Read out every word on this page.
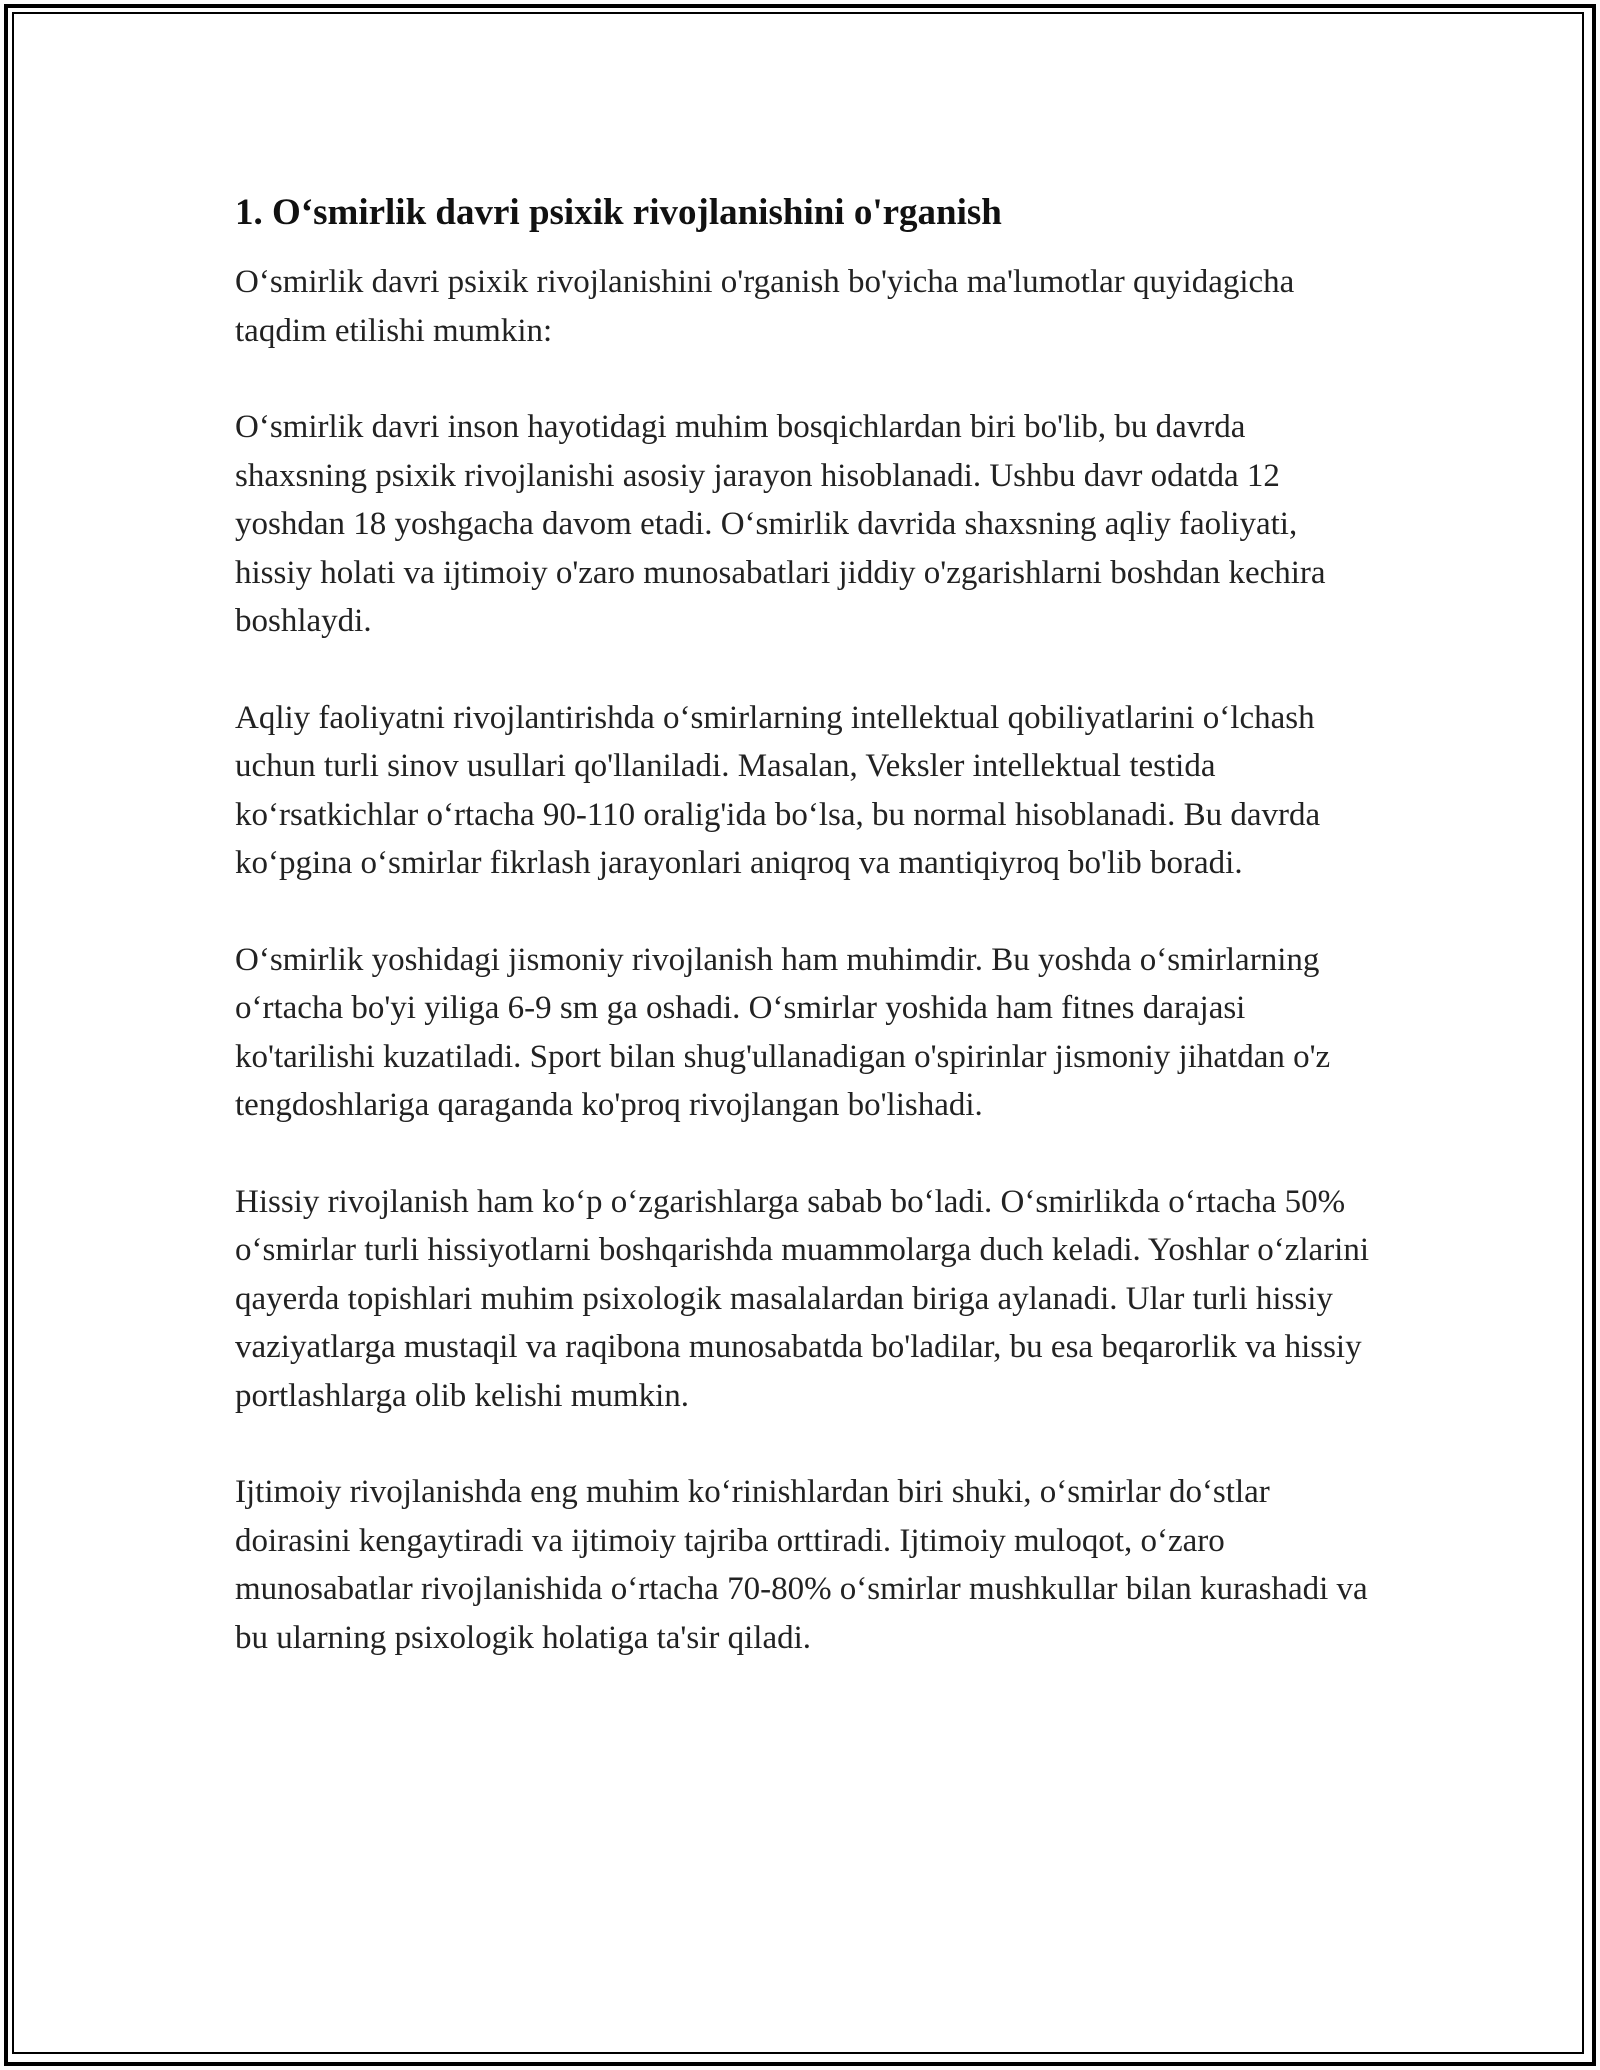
1. O‘smirlik davri psixik rivojlanishini o'rganish

O‘smirlik davri psixik rivojlanishini o'rganish bo'yicha ma'lumotlar quyidagicha taqdim etilishi mumkin:

O‘smirlik davri inson hayotidagi muhim bosqichlardan biri bo'lib, bu davrda shaxsning psixik rivojlanishi asosiy jarayon hisoblanadi. Ushbu davr odatda 12 yoshdan 18 yoshgacha davom etadi. O‘smirlik davrida shaxsning aqliy faoliyati, hissiy holati va ijtimoiy o'zaro munosabatlari jiddiy o'zgarishlarni boshdan kechira boshlaydi.

Aqliy faoliyatni rivojlantirishda o‘smirlarning intellektual qobiliyatlarini o‘lchash uchun turli sinov usullari qo'llaniladi. Masalan, Veksler intellektual testida ko‘rsatkichlar o‘rtacha 90-110 oralig'ida bo‘lsa, bu normal hisoblanadi. Bu davrda ko‘pgina o‘smirlar fikrlash jarayonlari aniqroq va mantiqiyroq bo'lib boradi.

O‘smirlik yoshidagi jismoniy rivojlanish ham muhimdir. Bu yoshda o‘smirlarning o‘rtacha bo'yi yiliga 6-9 sm ga oshadi. O‘smirlar yoshida ham fitnes darajasi ko'tarilishi kuzatiladi. Sport bilan shug'ullanadigan o'spirinlar jismoniy jihatdan o'z tengdoshlariga qaraganda ko'proq rivojlangan bo'lishadi.

Hissiy rivojlanish ham ko‘p o‘zgarishlarga sabab bo‘ladi. O‘smirlikda o‘rtacha 50% o‘smirlar turli hissiyotlarni boshqarishda muammolarga duch keladi. Yoshlar o‘zlarini qayerda topishlari muhim psixologik masalalardan biriga aylanadi. Ular turli hissiy vaziyatlarga mustaqil va raqibona munosabatda bo'ladilar, bu esa beqarorlik va hissiy portlashlarga olib kelishi mumkin.

Ijtimoiy rivojlanishda eng muhim ko‘rinishlardan biri shuki, o‘smirlar do‘stlar doirasini kengaytiradi va ijtimoiy tajriba orttiradi. Ijtimoiy muloqot, o‘zaro munosabatlar rivojlanishida o‘rtacha 70-80% o‘smirlar mushkullar bilan kurashadi va bu ularning psixologik holatiga ta'sir qiladi.
